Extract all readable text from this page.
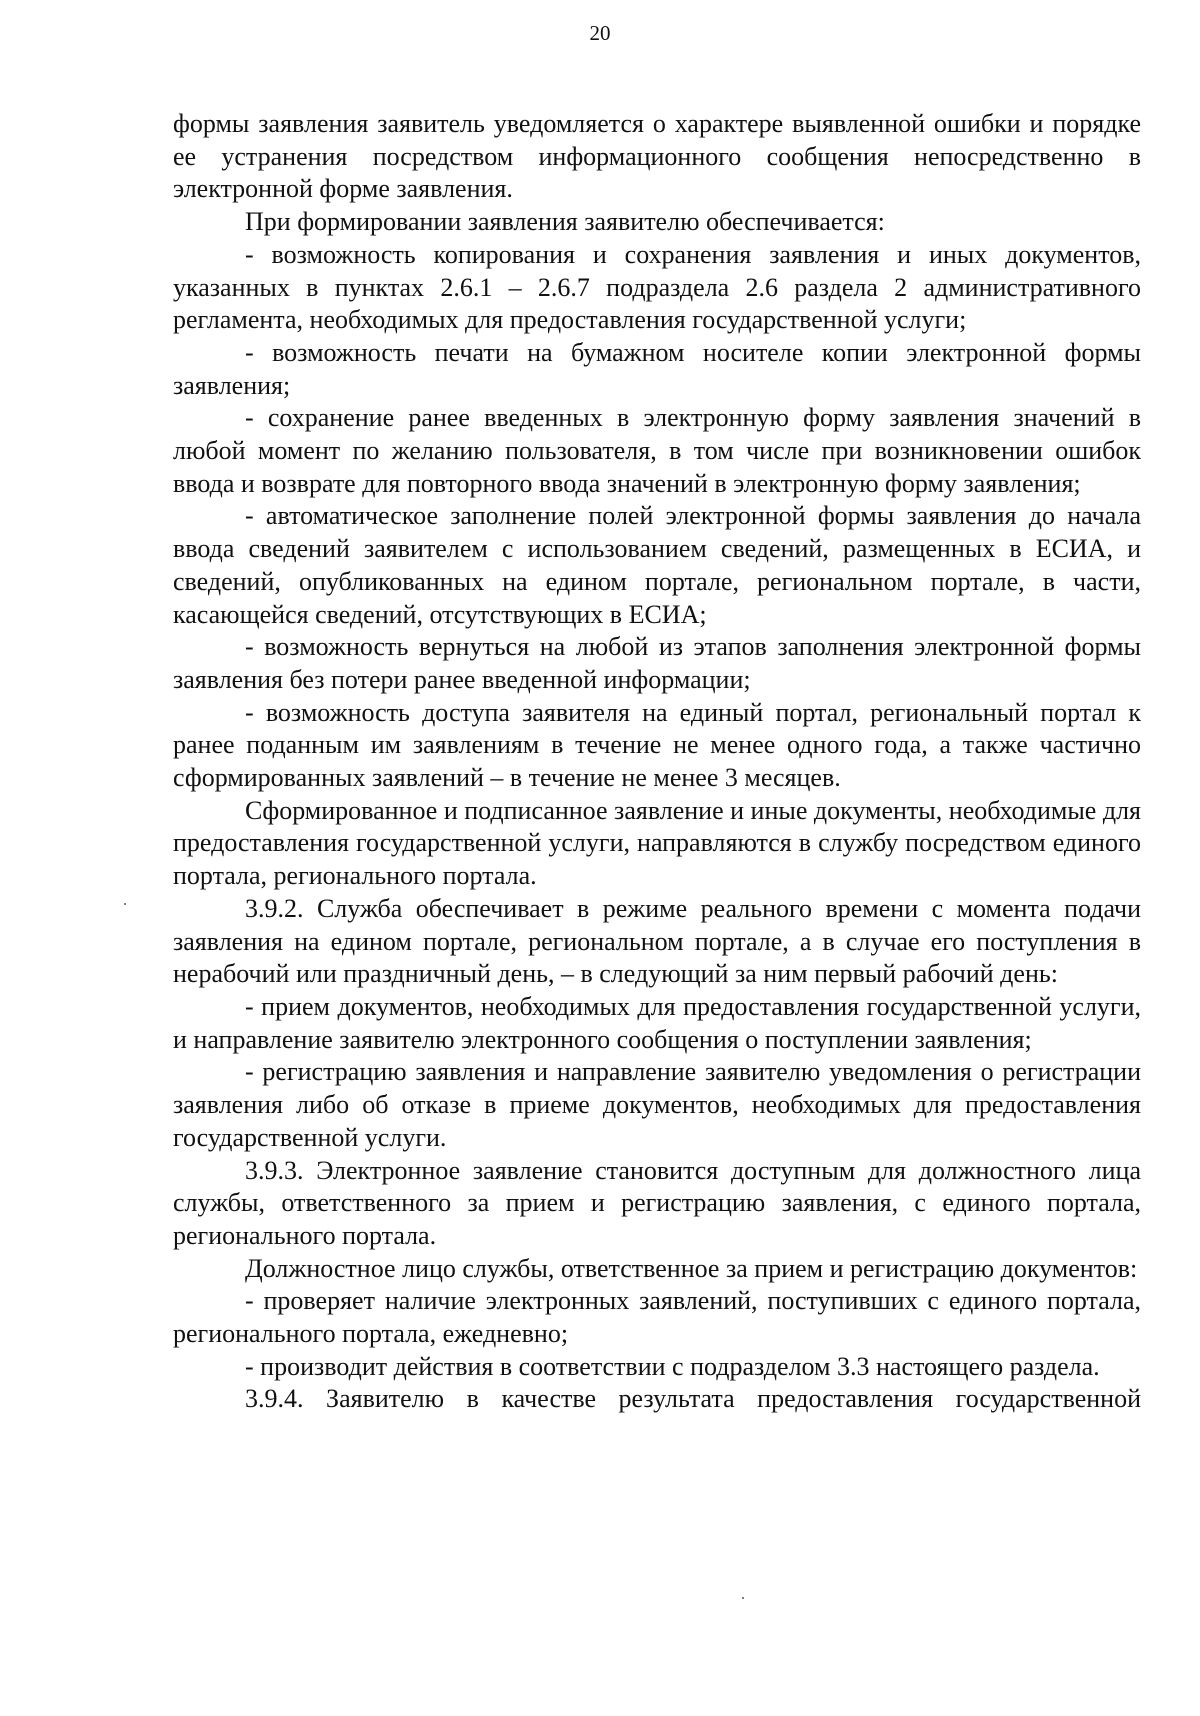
20

формы заявления заявитель уведомляется о характере выявленной ошибки и порядке ее устранения посредством информационного сообщения непосредственно в электронной форме заявления.

При формировании заявления заявителю обеспечивается:

- возможность копирования и сохранения заявления и иных документов, указанных в пунктах 2.6.1 – 2.6.7 подраздела 2.6 раздела 2 административного регламента, необходимых для предоставления государственной услуги;

- возможность печати на бумажном носителе копии электронной формы заявления;

- сохранение ранее введенных в электронную форму заявления значений в любой момент по желанию пользователя, в том числе при возникновении ошибок ввода и возврате для повторного ввода значений в электронную форму заявления;

- автоматическое заполнение полей электронной формы заявления до начала ввода сведений заявителем с использованием сведений, размещенных в ЕСИА, и сведений, опубликованных на едином портале, региональном портале, в части, касающейся сведений, отсутствующих в ЕСИА;

- возможность вернуться на любой из этапов заполнения электронной формы заявления без потери ранее введенной информации;

- возможность доступа заявителя на единый портал, региональный портал к ранее поданным им заявлениям в течение не менее одного года, а также частично сформированных заявлений – в течение не менее 3 месяцев.

Сформированное и подписанное заявление и иные документы, необходимые для предоставления государственной услуги, направляются в службу посредством единого портала, регионального портала.

3.9.2. Служба обеспечивает в режиме реального времени с момента подачи заявления на едином портале, региональном портале, а в случае его поступления в нерабочий или праздничный день, – в следующий за ним первый рабочий день:

- прием документов, необходимых для предоставления государственной услуги, и направление заявителю электронного сообщения о поступлении заявления;

- регистрацию заявления и направление заявителю уведомления о регистрации заявления либо об отказе в приеме документов, необходимых для предоставления государственной услуги.

3.9.3. Электронное заявление становится доступным для должностного лица службы, ответственного за прием и регистрацию заявления, с единого портала, регионального портала.

Должностное лицо службы, ответственное за прием и регистрацию документов:

- проверяет наличие электронных заявлений, поступивших с единого портала, регионального портала, ежедневно;

- производит действия в соответствии с подразделом 3.3 настоящего раздела.

3.9.4. Заявителю в качестве результата предоставления государственной
